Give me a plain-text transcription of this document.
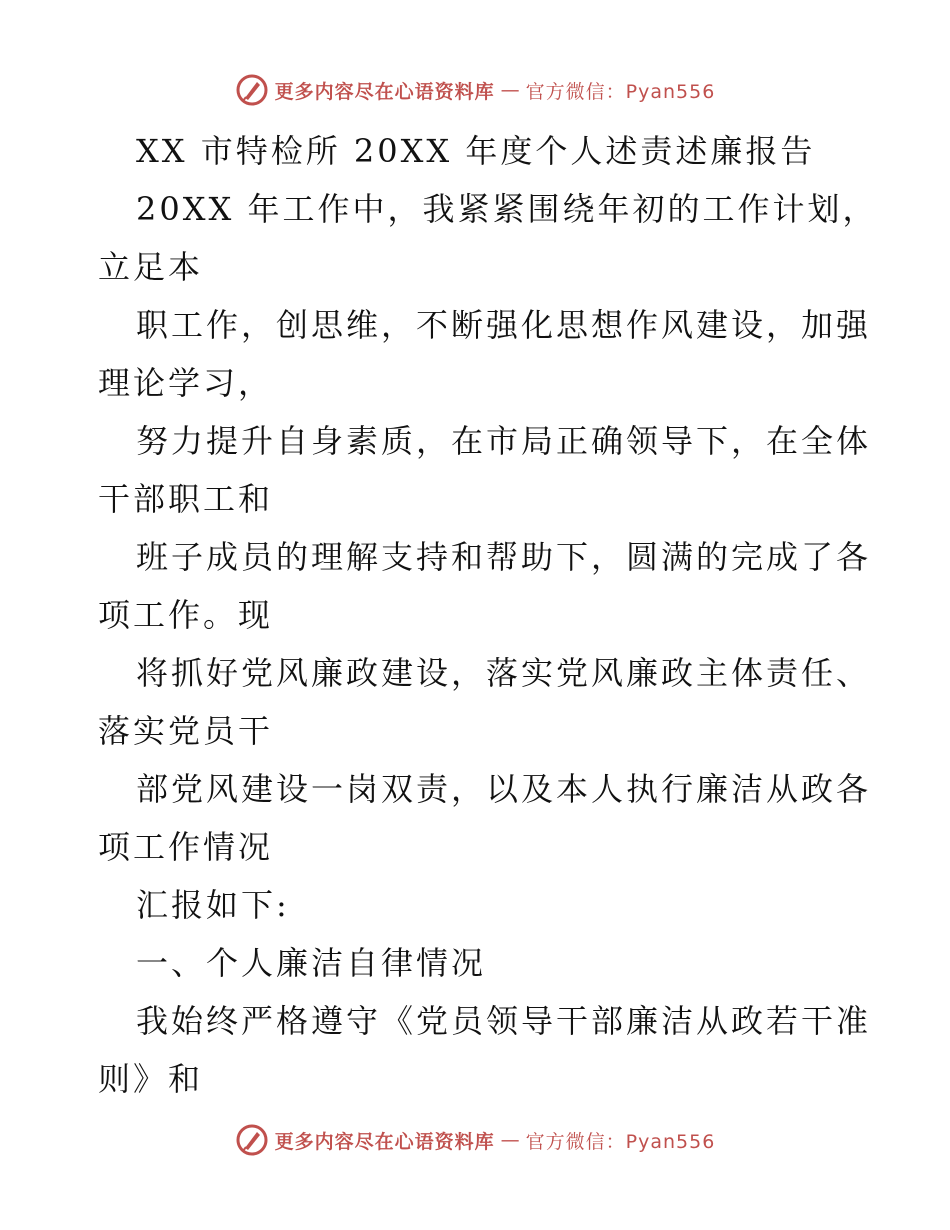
更多内容尽在心语资料库 — 官方微信：Pyan556
XX 市特检所 20XX 年度个人述责述廉报告
20XX 年工作中，我紧紧围绕年初的工作计划，
立足本
职工作，创思维，不断强化思想作风建设，加强
理论学习，
努力提升自身素质，在市局正确领导下，在全体
干部职工和
班子成员的理解支持和帮助下，圆满的完成了各
项工作。现
将抓好党风廉政建设，落实党风廉政主体责任、
落实党员干
部党风建设一岗双责，以及本人执行廉洁从政各
项工作情况
汇报如下:
一、个人廉洁自律情况
我始终严格遵守《党员领导干部廉洁从政若干准
则》和
更多内容尽在心语资料库 — 官方微信：Pyan556
